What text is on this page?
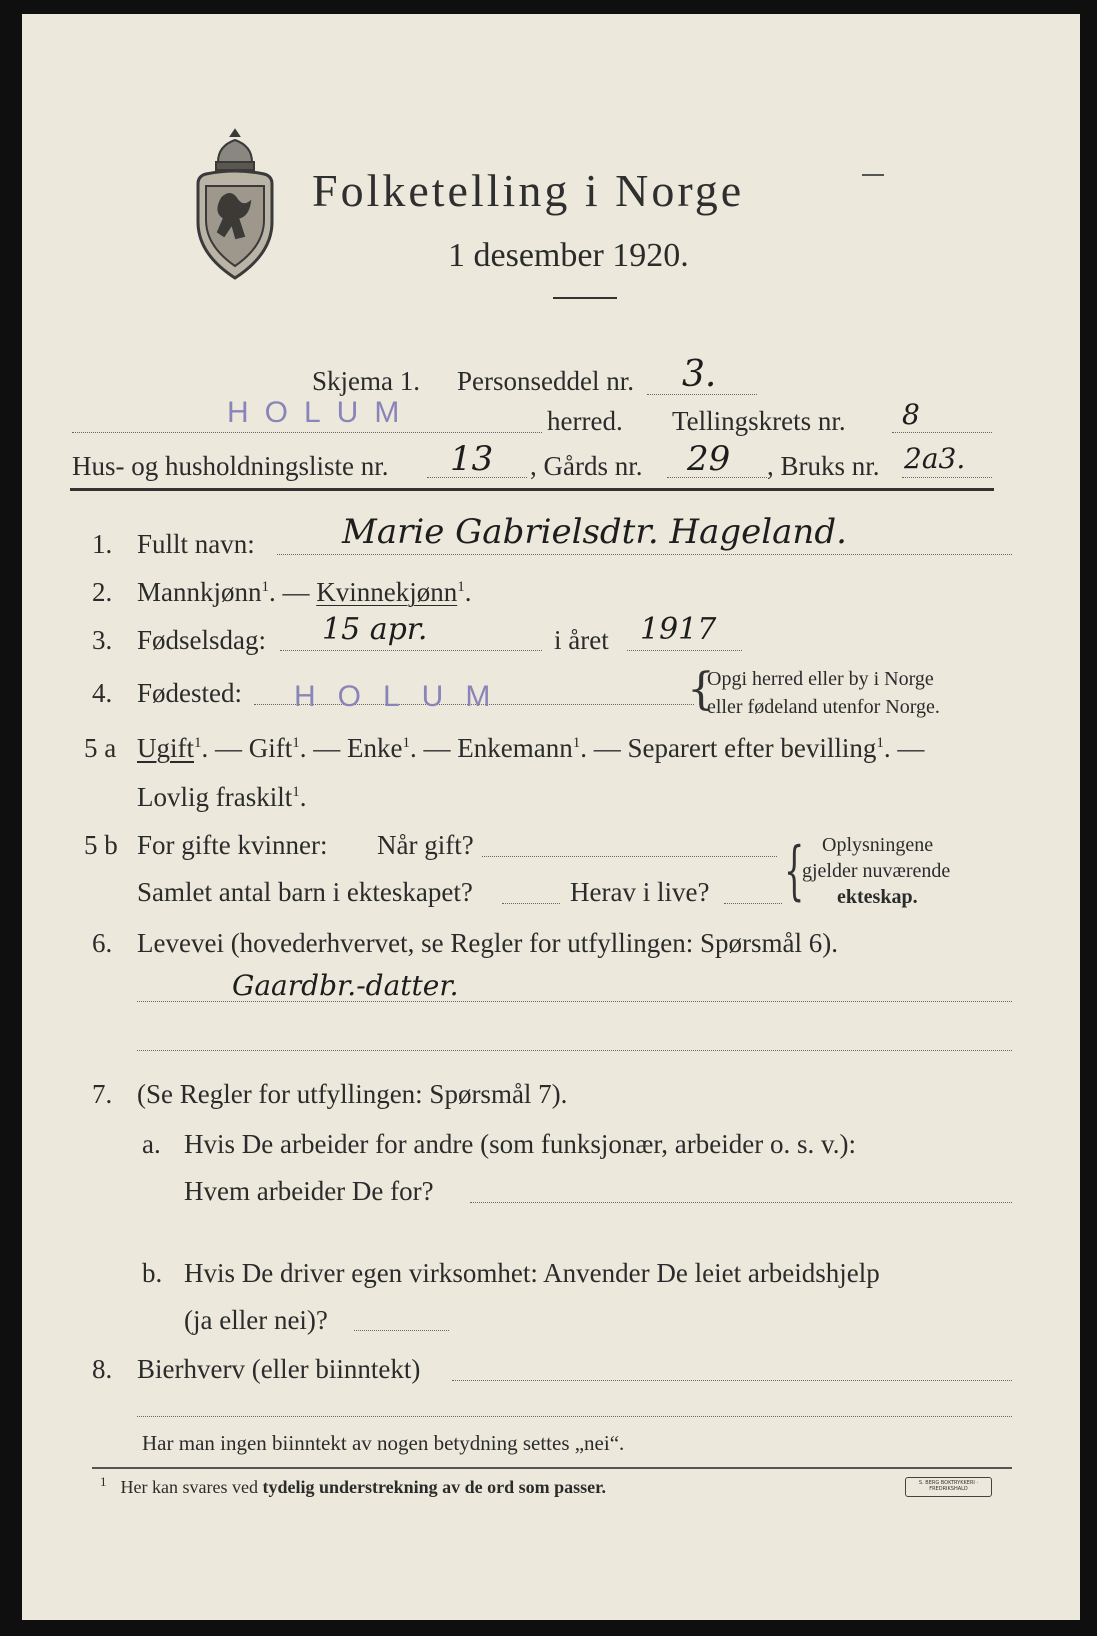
Folketelling i Norge
1 desember 1920.
Skjema 1. Personseddel nr. 3.
HOLUM	herred. Tellingskrets nr. 8
Hus- og husholdningsliste nr. 13 , Gårds nr. 29 , Bruks nr. 2a3.
1. Fullt navn:	Marie Gabrielsdtr. Hageland.
2. Mannkjønn$^1$. — Kvinnekjønn$^1$.
3. Fødselsdag: 15 apr.	i året 1917
4. Fødested: HOLUM	{
Opgi herred eller by i Norge
eller fødeland utenfor Norge.
5 a Ugift$^1$. — Gift$^1$. — Enke$^1$. — Enkemann$^1$. — Separert efter bevilling$^1$. —
Lovlig fraskilt$^1$.
5 b For gifte kvinner: Når gift?
Samlet antal barn i ekteskapet?	Herav i live? { Oplysningene
gjelder nuværende
ekteskap.
6. Levevei (hovederhvervet, se Regler for utfyllingen: Spørsmål 6).
Gaardbr.-datter.
7. (Se Regler for utfyllingen: Spørsmål 7).
a. Hvis De arbeider for andre (som funksjonær, arbeider o. s. v.):
Hvem arbeider De for?
b. Hvis De driver egen virksomhet: Anvender De leiet arbeidshjelp
(ja eller nei)?
8. Bierhverv (eller biinntekt)
Har man ingen biinntekt av nogen betydning settes „nei“.
$^1$ Her kan svares ved tydelig understrekning av de ord som passer.	S. BERG BOKTRYKKERI · FREDRIKSHALD
